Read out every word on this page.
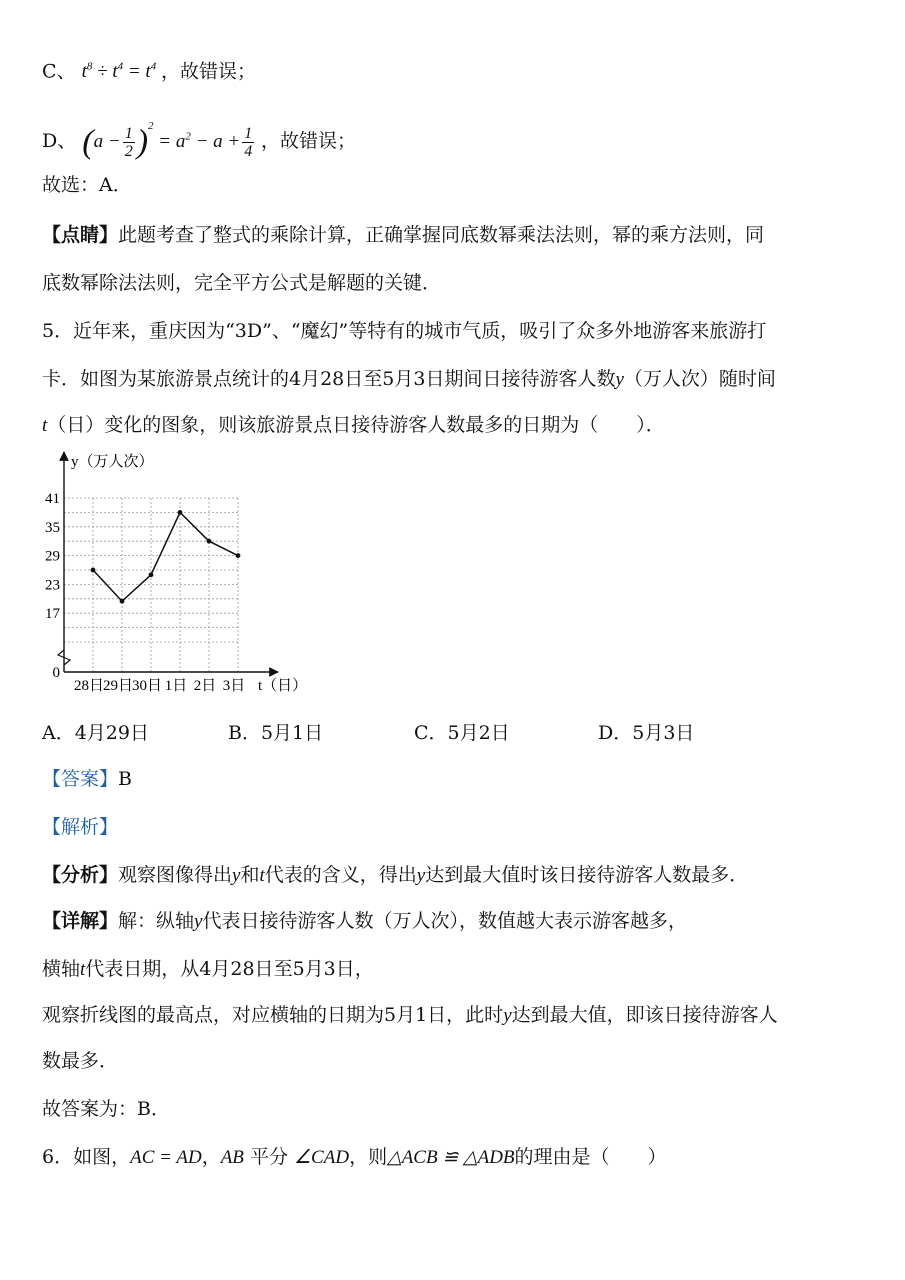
C、 $t^8 \div t^4 = t^4$ ，故错误；
D、 $(a - \frac{1}{2} )^2 = a^2 - a + \frac{1}{4}$ ，故错误；
故选：A．
【点睛】此题考查了整式的乘除计算，正确掌握同底数幂乘法法则，幂的乘方法则，同
底数幂除法法则，完全平方公式是解题的关键．
5．近年来，重庆因为“3D”、“魔幻”等特有的城市气质，吸引了众多外地游客来旅游打
卡．如图为某旅游景点统计的4月28日至5月3日期间日接待游客人数y（万人次）随时间
t（日）变化的图象，则该旅游景点日接待游客人数最多的日期为（　　）．
y（万人次）
t（日）
0
17
23
29
35
41
28日
29日
30日 1日 2日 3日
A．4月29日	B．5月1日	C．5月2日	D．5月3日
【答案】B
【解析】
【分析】观察图像得出y和t代表的含义，得出y达到最大值时该日接待游客人数最多．
【详解】解：纵轴y代表日接待游客人数（万人次），数值越大表示游客越多，
横轴t代表日期，从4月28日至5月3日，
观察折线图的最高点，对应横轴的日期为5月1日，此时y达到最大值，即该日接待游客人
数最多．
故答案为：B．
6．如图，AC = AD，AB 平分 ∠CAD，则△ACB ≌ △ADB的理由是（　　）
